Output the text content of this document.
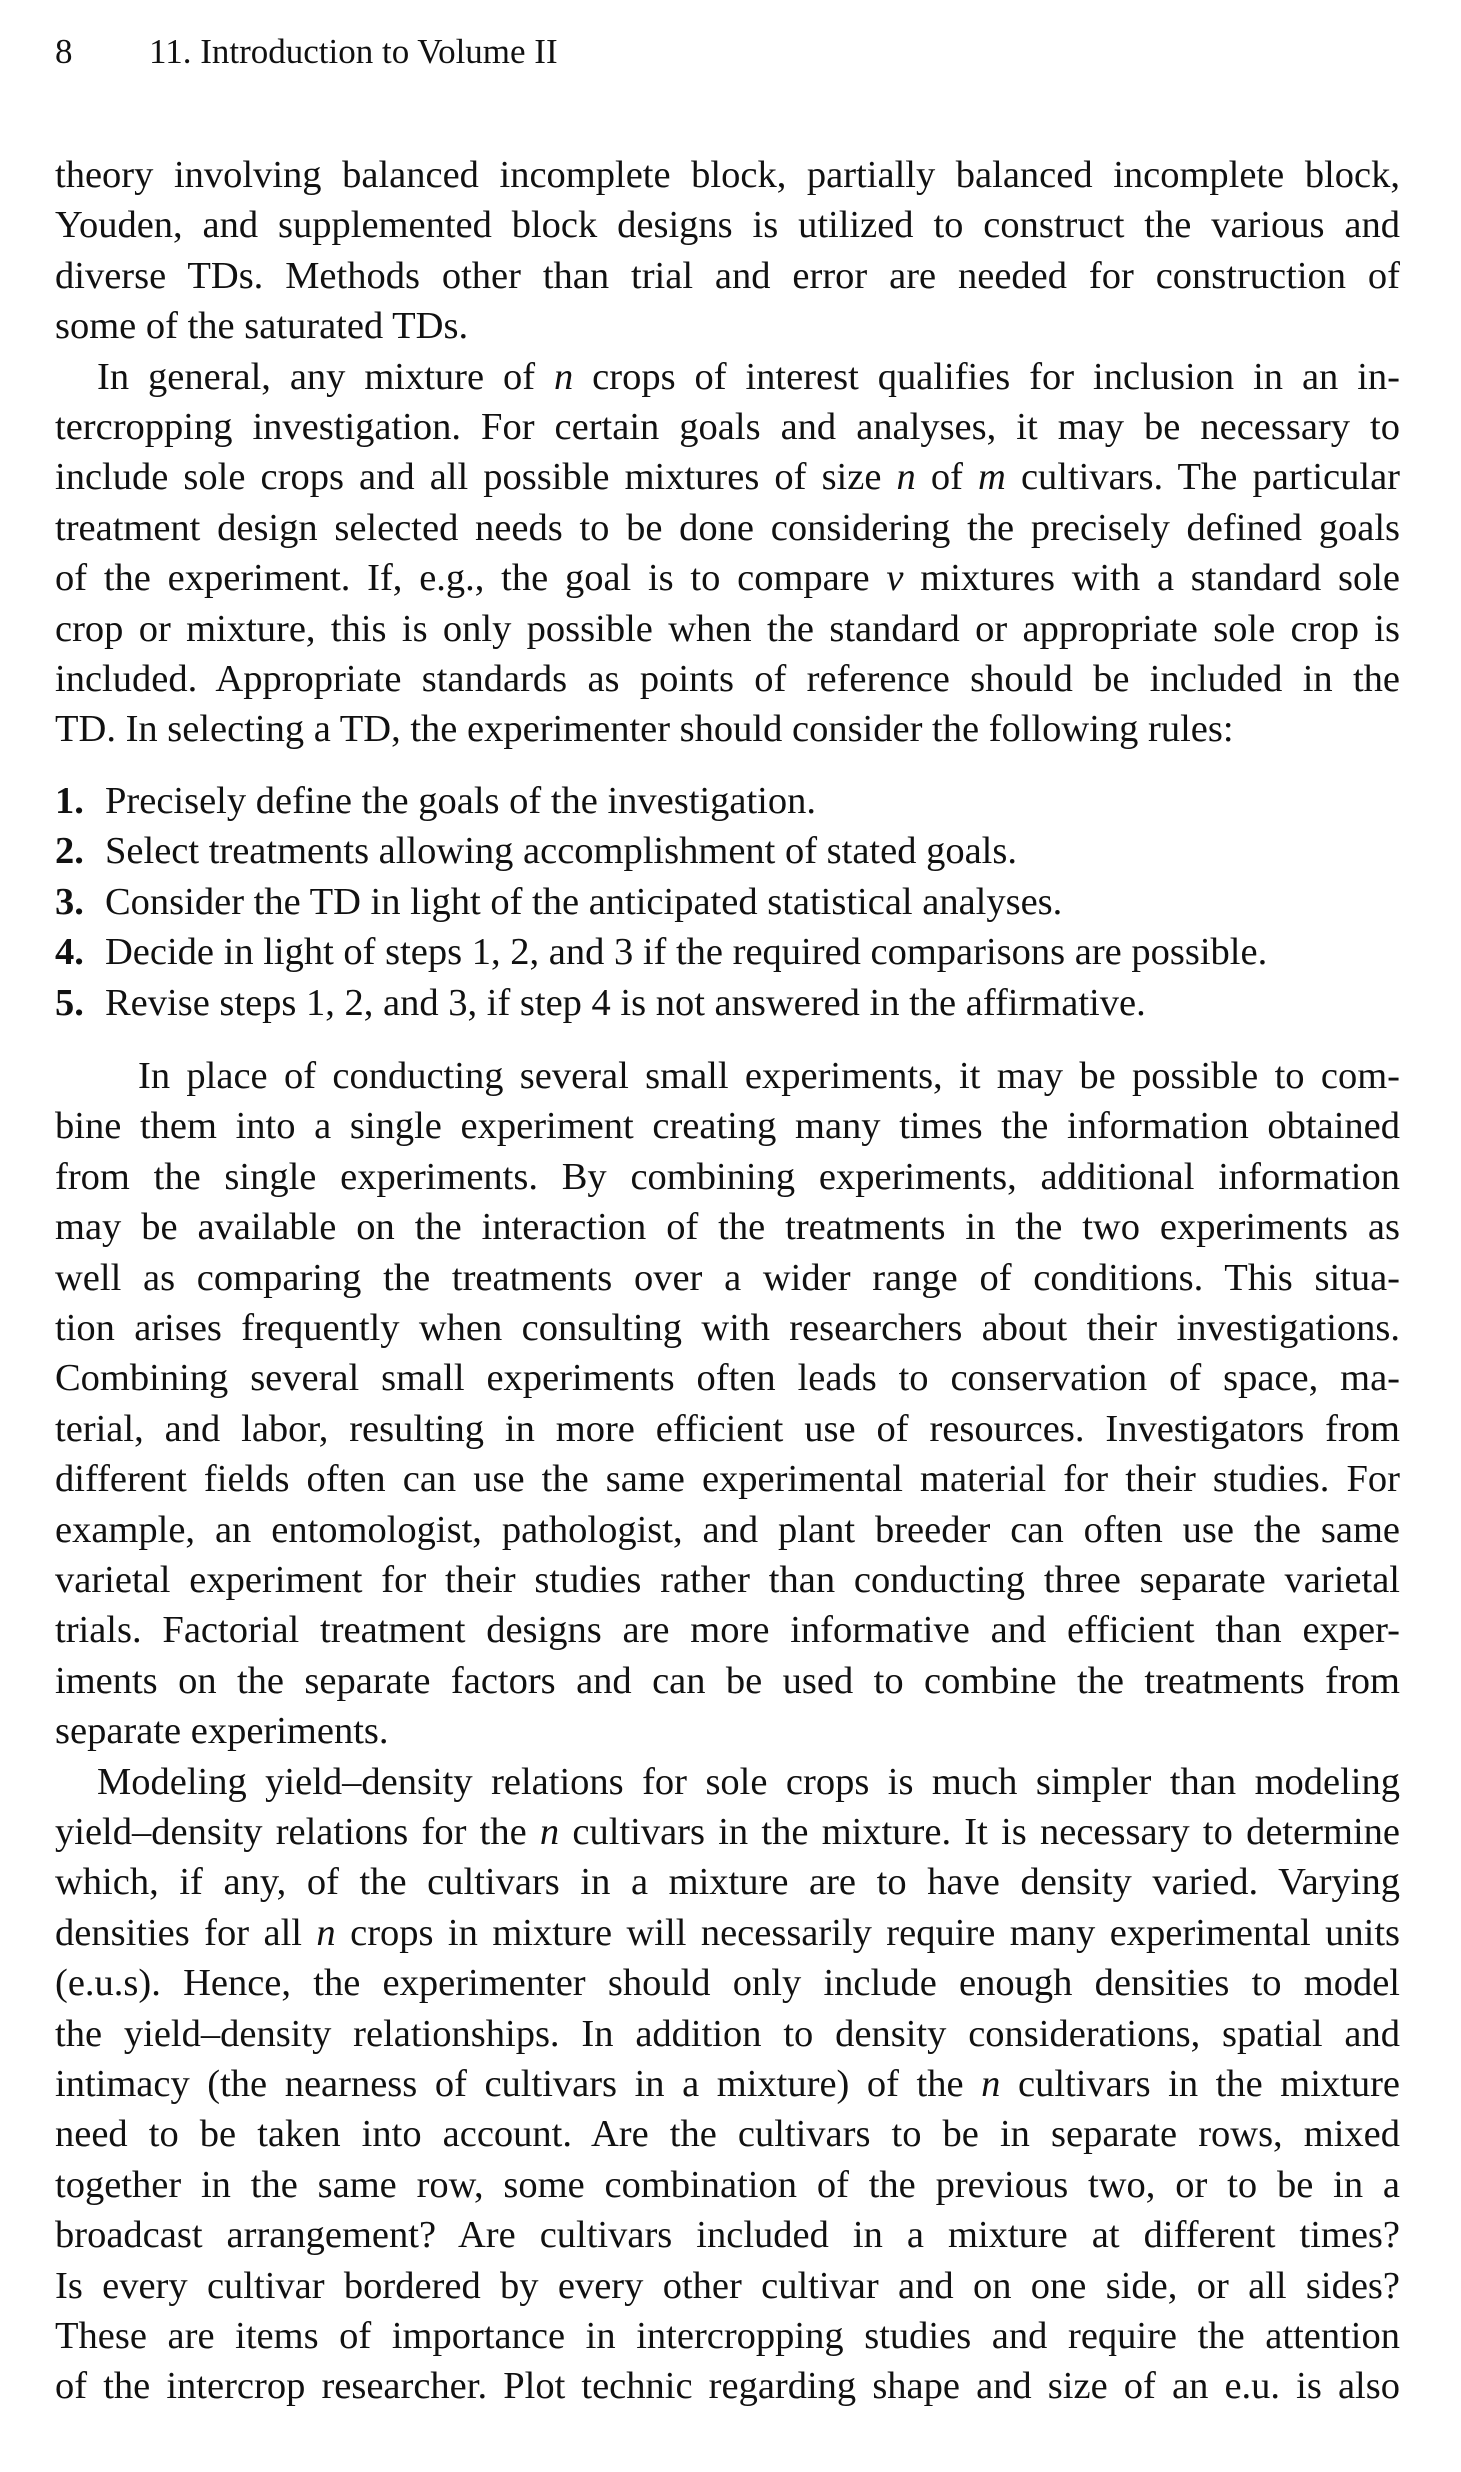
8 11. Introduction to Volume II

theory involving balanced incomplete block, partially balanced incomplete block,
Youden, and supplemented block designs is utilized to construct the various and
diverse TDs. Methods other than trial and error are needed for construction of
some of the saturated TDs.

In general, any mixture of n crops of interest qualifies for inclusion in an in-
tercropping investigation. For certain goals and analyses, it may be necessary to
include sole crops and all possible mixtures of size n of m cultivars. The particular
treatment design selected needs to be done considering the precisely defined goals
of the experiment. If, e.g., the goal is to compare v mixtures with a standard sole
crop or mixture, this is only possible when the standard or appropriate sole crop is
included. Appropriate standards as points of reference should be included in the
TD. In selecting a TD, the experimenter should consider the following rules:

1. Precisely define the goals of the investigation.
2. Select treatments allowing accomplishment of stated goals.
3. Consider the TD in light of the anticipated statistical analyses.
4. Decide in light of steps 1, 2, and 3 if the required comparisons are possible.
5. Revise steps 1, 2, and 3, if step 4 is not answered in the affirmative.

In place of conducting several small experiments, it may be possible to com-
bine them into a single experiment creating many times the information obtained
from the single experiments. By combining experiments, additional information
may be available on the interaction of the treatments in the two experiments as
well as comparing the treatments over a wider range of conditions. This situa-
tion arises frequently when consulting with researchers about their investigations.
Combining several small experiments often leads to conservation of space, ma-
terial, and labor, resulting in more efficient use of resources. Investigators from
different fields often can use the same experimental material for their studies. For
example, an entomologist, pathologist, and plant breeder can often use the same
varietal experiment for their studies rather than conducting three separate varietal
trials. Factorial treatment designs are more informative and efficient than exper-
iments on the separate factors and can be used to combine the treatments from
separate experiments.

Modeling yield–density relations for sole crops is much simpler than modeling
yield–density relations for the n cultivars in the mixture. It is necessary to determine
which, if any, of the cultivars in a mixture are to have density varied. Varying
densities for all n crops in mixture will necessarily require many experimental units
(e.u.s). Hence, the experimenter should only include enough densities to model
the yield–density relationships. In addition to density considerations, spatial and
intimacy (the nearness of cultivars in a mixture) of the n cultivars in the mixture
need to be taken into account. Are the cultivars to be in separate rows, mixed
together in the same row, some combination of the previous two, or to be in a
broadcast arrangement? Are cultivars included in a mixture at different times?
Is every cultivar bordered by every other cultivar and on one side, or all sides?
These are items of importance in intercropping studies and require the attention
of the intercrop researcher. Plot technic regarding shape and size of an e.u. is also
